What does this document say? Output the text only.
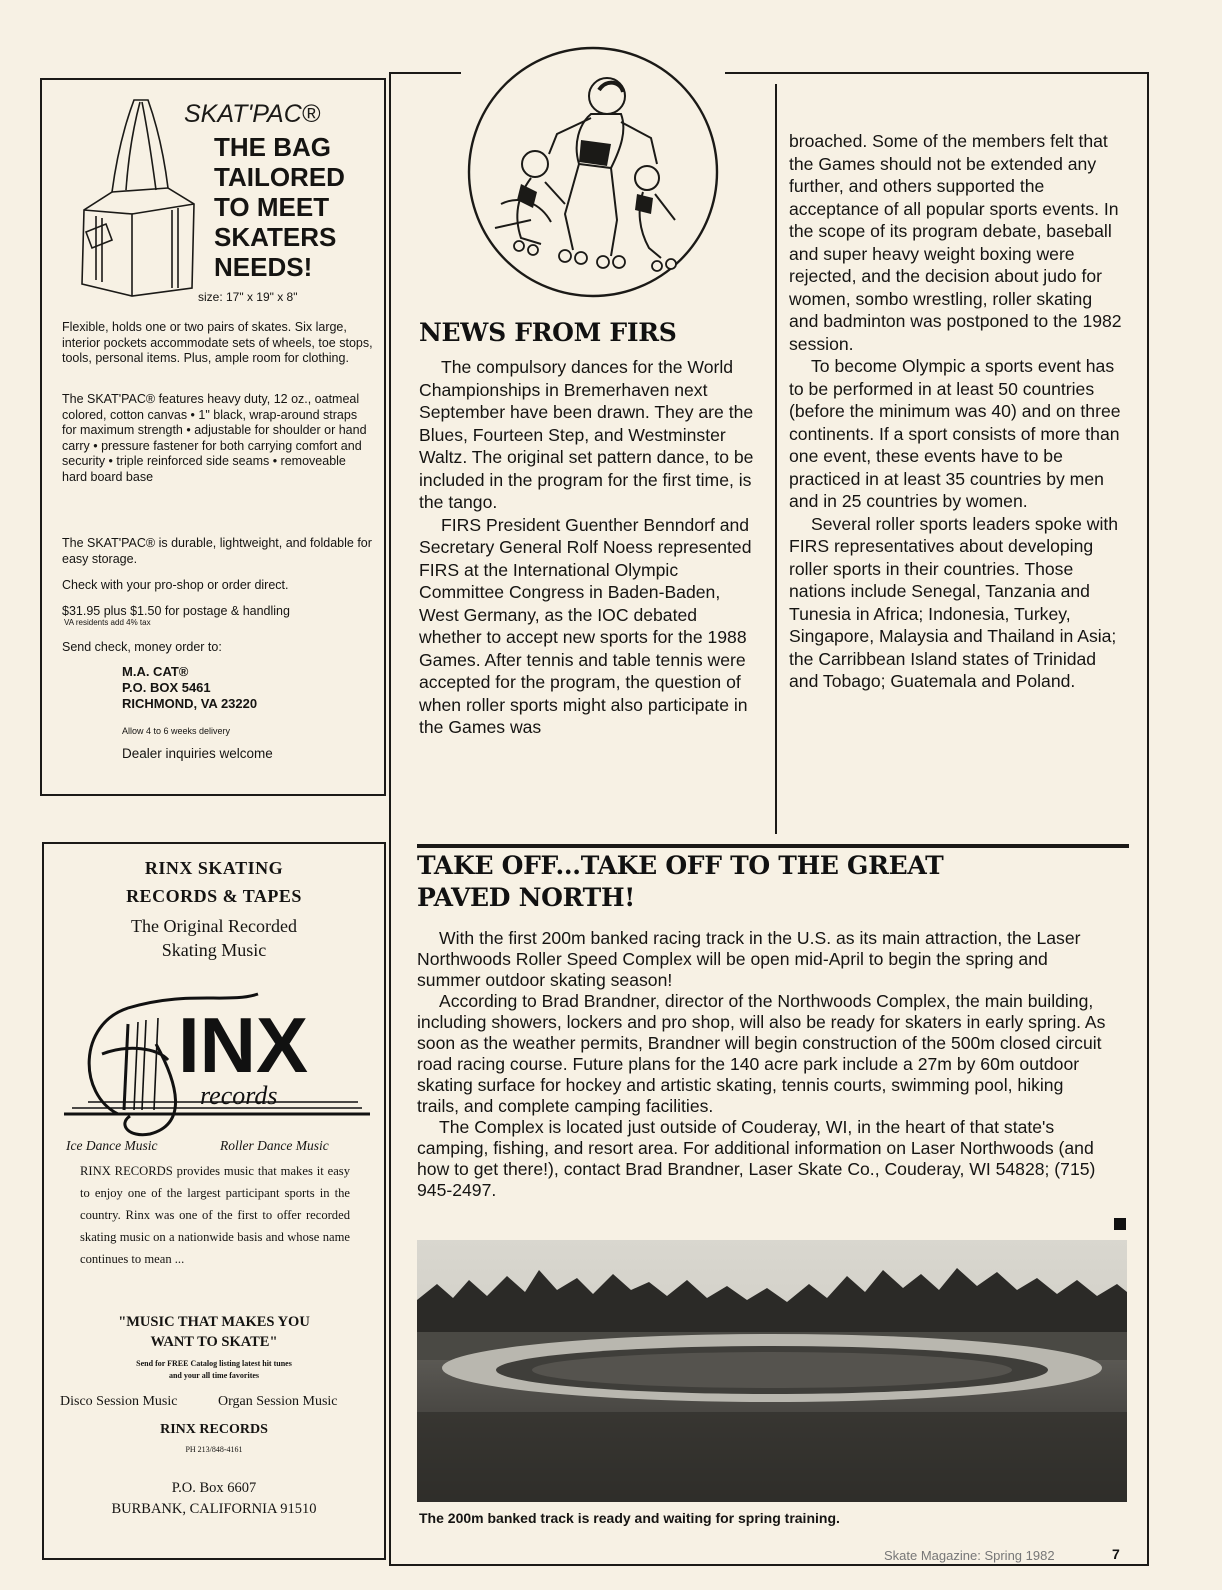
SKAT'PAC®
THE BAG
TAILORED
TO MEET
SKATERS
NEEDS!
size: 17" x 19" x 8"
Flexible, holds one or two pairs of skates. Six large, interior pockets accommodate sets of wheels, toe stops, tools, personal items. Plus, ample room for clothing.
The SKAT'PAC® features heavy duty, 12 oz., oatmeal colored, cotton canvas • 1" black, wrap-around straps for maximum strength • adjustable for shoulder or hand carry • pressure fastener for both carrying comfort and security • triple reinforced side seams • removeable hard board base
The SKAT'PAC® is durable, lightweight, and foldable for easy storage.
Check with your pro-shop or order direct.
$31.95 plus $1.50 for postage & handling
VA residents add 4% tax
Send check, money order to:
M.A. CAT®
P.O. BOX 5461
RICHMOND, VA 23220
Allow 4 to 6 weeks delivery
Dealer inquiries welcome
RINX SKATING
RECORDS & TAPES
The Original Recorded
Skating Music
INX
records
Ice Dance Music	Roller Dance Music
RINX RECORDS provides music that makes it easy to enjoy one of the largest participant sports in the country. Rinx was one of the first to offer recorded skating music on a nationwide basis and whose name continues to mean ...
"MUSIC THAT MAKES YOU
WANT TO SKATE"
Send for FREE Catalog listing latest hit tunes
and your all time favorites
Disco Session Music	Organ Session Music
RINX RECORDS
PH 213/848-4161
P.O. Box 6607
BURBANK, CALIFORNIA 91510
NEWS FROM FIRS

The compulsory dances for the World Championships in Bremerhaven next September have been drawn. They are the Blues, Fourteen Step, and Westminster Waltz. The original set pattern dance, to be included in the program for the first time, is the tango.

FIRS President Guenther Benndorf and Secretary General Rolf Noess represented FIRS at the International Olympic Committee Congress in Baden-Baden, West Germany, as the IOC debated whether to accept new sports for the 1988 Games. After tennis and table tennis were accepted for the program, the question of when roller sports might also participate in the Games was

broached. Some of the members felt that the Games should not be extended any further, and others supported the acceptance of all popular sports events. In the scope of its program debate, baseball and super heavy weight boxing were rejected, and the decision about judo for women, sombo wrestling, roller skating and badminton was postponed to the 1982 session.

To become Olympic a sports event has to be performed in at least 50 countries (before the minimum was 40) and on three continents. If a sport consists of more than one event, these events have to be practiced in at least 35 countries by men and in 25 countries by women.

Several roller sports leaders spoke with FIRS representatives about developing roller sports in their countries. Those nations include Senegal, Tanzania and Tunesia in Africa; Indonesia, Turkey, Singapore, Malaysia and Thailand in Asia; the Carribbean Island states of Trinidad and Tobago; Guatemala and Poland.

TAKE OFF...TAKE OFF TO THE GREAT
PAVED NORTH!

With the first 200m banked racing track in the U.S. as its main attraction, the Laser Northwoods Roller Speed Complex will be open mid-April to begin the spring and summer outdoor skating season!

According to Brad Brandner, director of the Northwoods Complex, the main building, including showers, lockers and pro shop, will also be ready for skaters in early spring. As soon as the weather permits, Brandner will begin construction of the 500m closed circuit road racing course. Future plans for the 140 acre park include a 27m by 60m outdoor skating surface for hockey and artistic skating, tennis courts, swimming pool, hiking trails, and complete camping facilities.

The Complex is located just outside of Couderay, WI, in the heart of that state's camping, fishing, and resort area. For additional information on Laser Northwoods (and how to get there!), contact Brad Brandner, Laser Skate Co., Couderay, WI 54828; (715) 945-2497.

The 200m banked track is ready and waiting for spring training.
Skate Magazine: Spring 1982	7
